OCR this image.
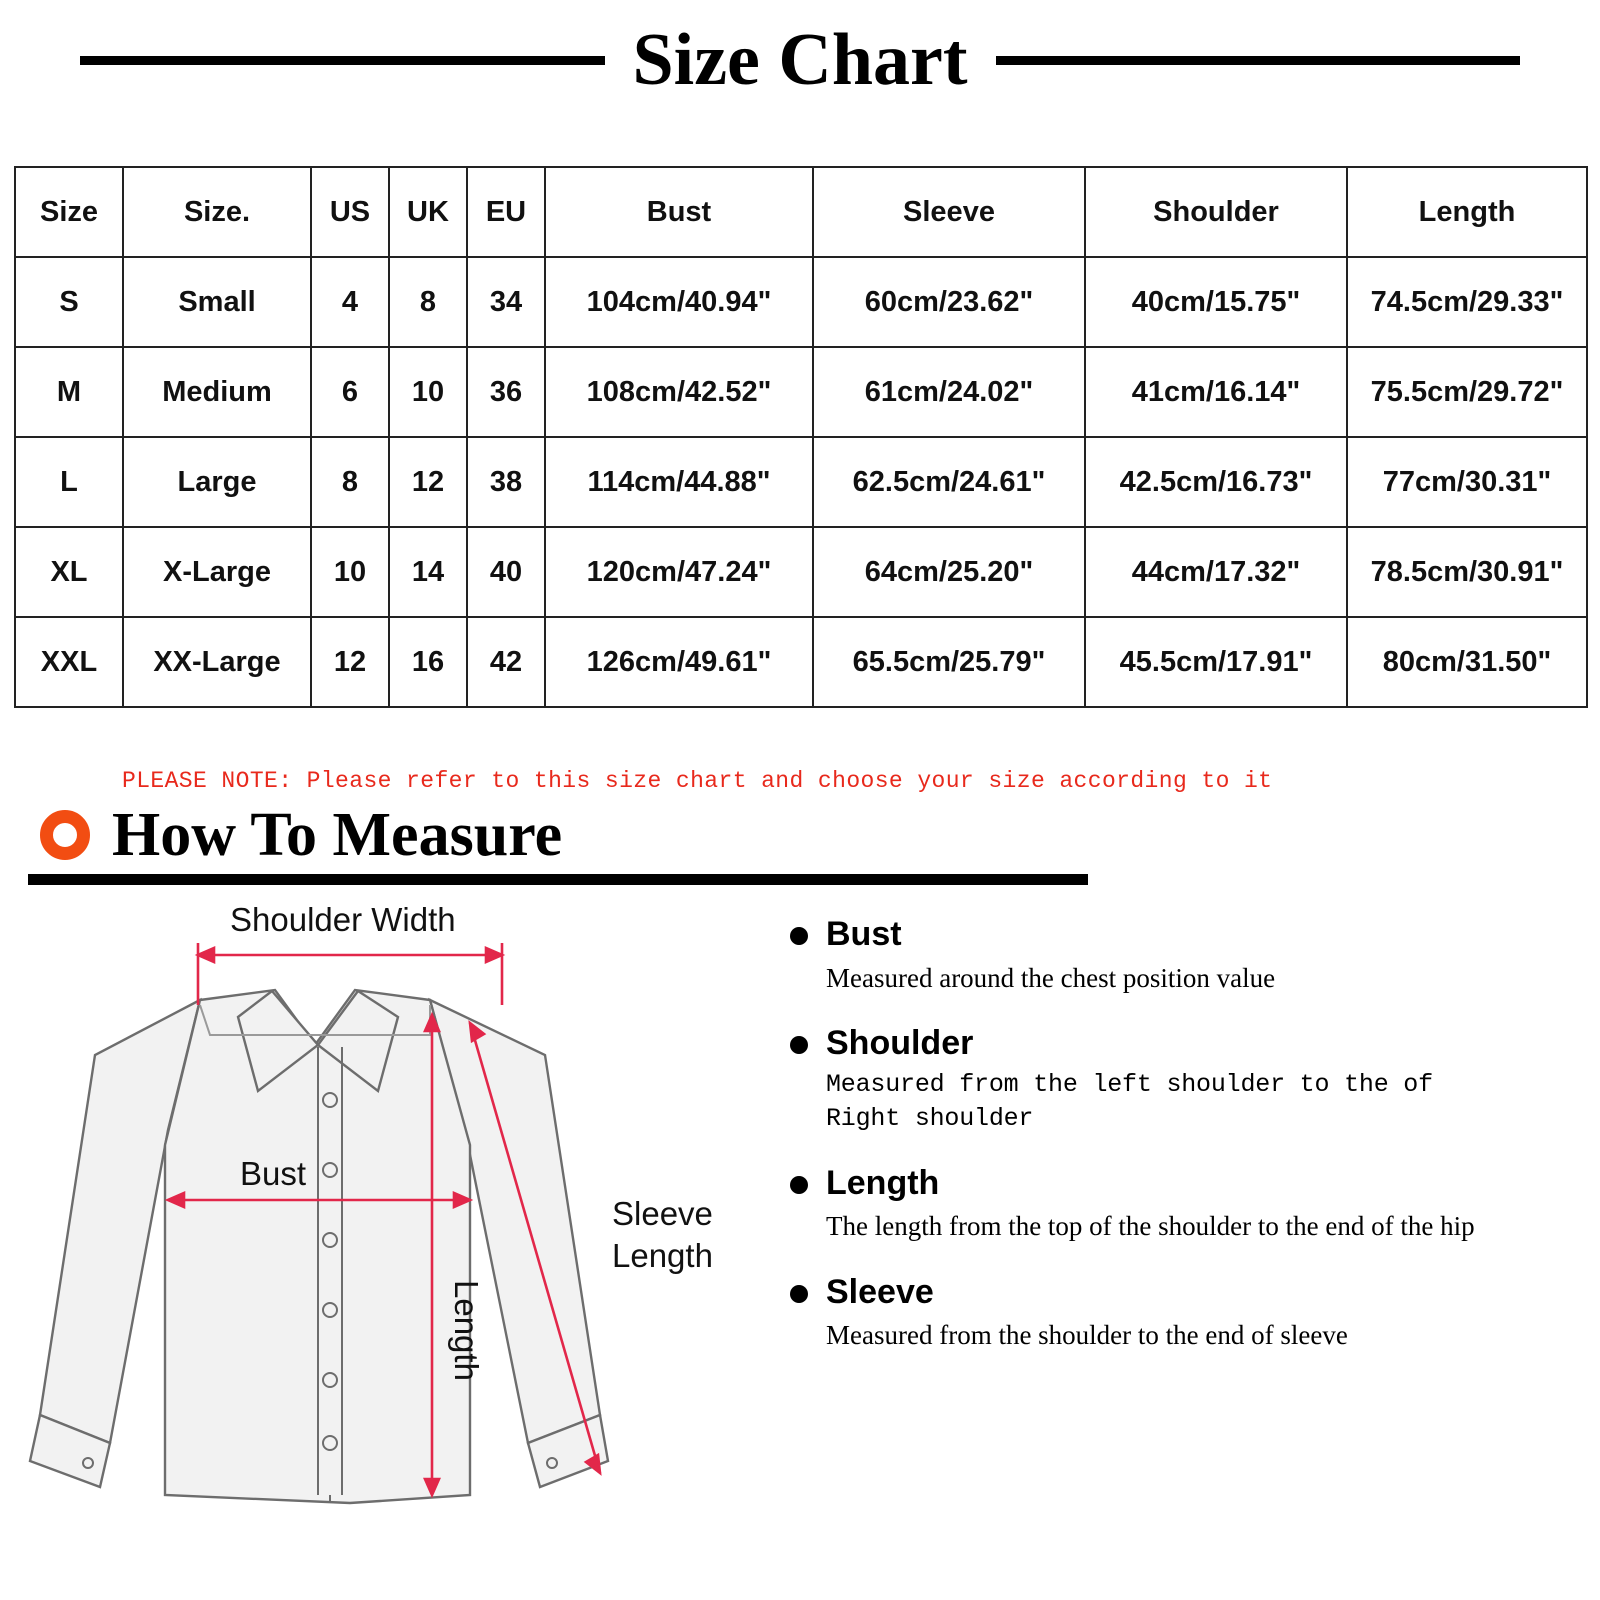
Size Chart
Size	Size.	US	UK	EU	Bust	Sleeve	Shoulder	Length
S	Small	4	8	34	104cm/40.94"	60cm/23.62"	40cm/15.75"	74.5cm/29.33"
M	Medium	6	10	36	108cm/42.52"	61cm/24.02"	41cm/16.14"	75.5cm/29.72"
L	Large	8	12	38	114cm/44.88"	62.5cm/24.61"	42.5cm/16.73"	77cm/30.31"
XL	X-Large	10	14	40	120cm/47.24"	64cm/25.20"	44cm/17.32"	78.5cm/30.91"
XXL	XX-Large	12	16	42	126cm/49.61"	65.5cm/25.79"	45.5cm/17.91"	80cm/31.50"
PLEASE NOTE: Please refer to this size chart and choose your size according to it
How To Measure
Shoulder Width
Bust
Length
Sleeve
Length
Bust
Measured around the chest position value
Shoulder
Measured from the left shoulder to the of Right shoulder
Length
The length from the top of the shoulder to the end of the hip
Sleeve
Measured from the shoulder to the end of sleeve
